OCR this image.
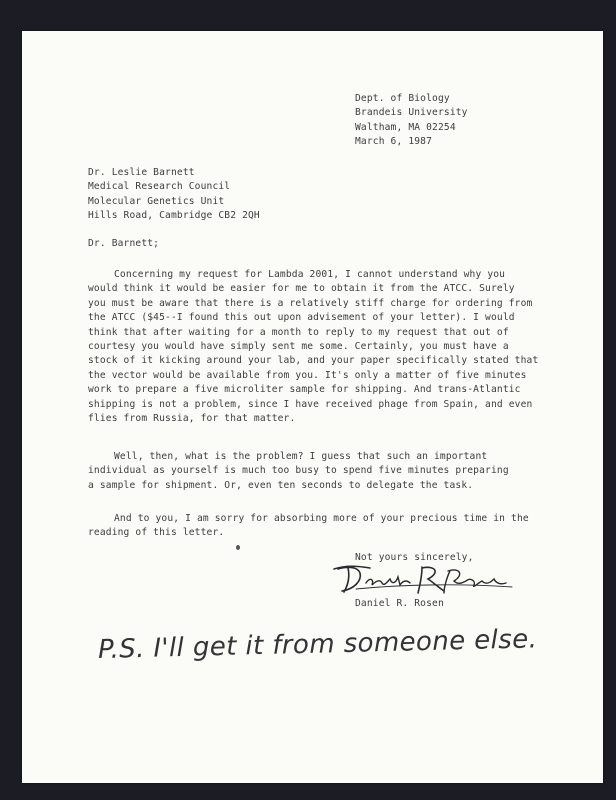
Dept. of Biology
Brandeis University
Waltham, MA 02254
March 6, 1987
Dr. Leslie Barnett
Medical Research Council
Molecular Genetics Unit
Hills Road, Cambridge CB2 2QH
Dr. Barnett;
Concerning my request for Lambda 2001, I cannot understand why you
would think it would be easier for me to obtain it from the ATCC. Surely
you must be aware that there is a relatively stiff charge for ordering from
the ATCC ($45--I found this out upon advisement of your letter). I would
think that after waiting for a month to reply to my request that out of
courtesy you would have simply sent me some. Certainly, you must have a
stock of it kicking around your lab, and your paper specifically stated that
the vector would be available from you. It's only a matter of five minutes
work to prepare a five microliter sample for shipping. And trans-Atlantic
shipping is not a problem, since I have received phage from Spain, and even
flies from Russia, for that matter.
Well, then, what is the problem? I guess that such an important
individual as yourself is much too busy to spend five minutes preparing
a sample for shipment. Or, even ten seconds to delegate the task.
And to you, I am sorry for absorbing more of your precious time in the
reading of this letter.
Not yours sincerely,
Daniel R. Rosen
P.S. I'll get it from someone else.
